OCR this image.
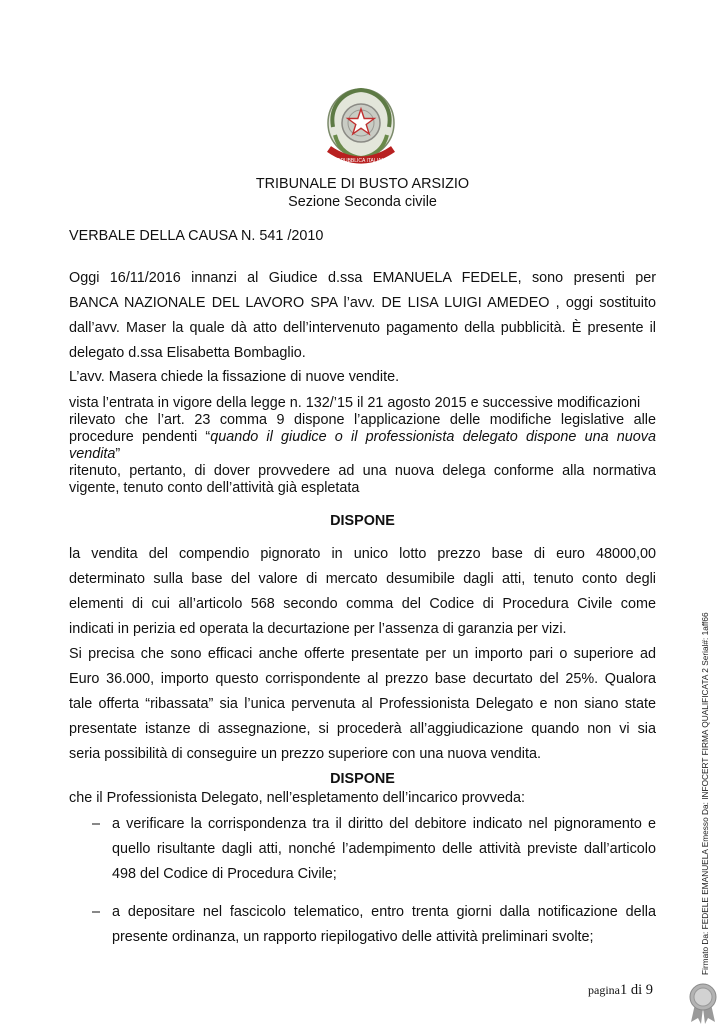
REPUBBLICA ITALIANA
TRIBUNALE DI BUSTO ARSIZIO
Sezione Seconda civile
VERBALE DELLA CAUSA N. 541 /2010
Oggi 16/11/2016 innanzi al Giudice d.ssa EMANUELA FEDELE, sono presenti per
BANCA NAZIONALE DEL LAVORO SPA l’avv. DE LISA LUIGI AMEDEO , oggi sostituito
dall’avv. Maser la quale dà atto dell’intervenuto pagamento della pubblicità. È presente il
delegato d.ssa Elisabetta Bombaglio.
L’avv. Masera chiede la fissazione di nuove vendite.
vista l’entrata in vigore della legge n. 132/’15 il 21 agosto 2015 e successive modificazioni
rilevato che l’art. 23 comma 9 dispone l’applicazione delle modifiche legislative alle
procedure pendenti “quando il giudice o il professionista delegato dispone una nuova
vendita”
ritenuto, pertanto, di dover provvedere ad una nuova delega conforme alla normativa
vigente, tenuto conto dell’attività già espletata
DISPONE
la vendita del compendio pignorato in unico lotto prezzo base di euro 48000,00
determinato sulla base del valore di mercato desumibile dagli atti, tenuto conto degli
elementi di cui all’articolo 568 secondo comma del Codice di Procedura Civile come
indicati in perizia ed operata la decurtazione per l’assenza di garanzia per vizi.
Si precisa che sono efficaci anche offerte presentate per un importo pari o superiore ad
Euro 36.000, importo questo corrispondente al prezzo base decurtato del 25%. Qualora
tale offerta “ribassata” sia l’unica pervenuta al Professionista Delegato e non siano state
presentate istanze di assegnazione, si procederà all’aggiudicazione quando non vi sia
seria possibilità di conseguire un prezzo superiore con una nuova vendita.
DISPONE
che il Professionista Delegato, nell’espletamento dell’incarico provveda:
– a verificare la corrispondenza tra il diritto del debitore indicato nel pignoramento e
quello risultante dagli atti, nonché l’adempimento delle attività previste dall’articolo
498 del Codice di Procedura Civile;
– a depositare nel fascicolo telematico, entro trenta giorni dalla notificazione della
presente ordinanza, un rapporto riepilogativo delle attività preliminari svolte;
pagina1 di 9
Firmato Da: FEDELE EMANUELA Emesso Da: INFOCERT FIRMA QUALIFICATA 2 Serial#: 1aff66
